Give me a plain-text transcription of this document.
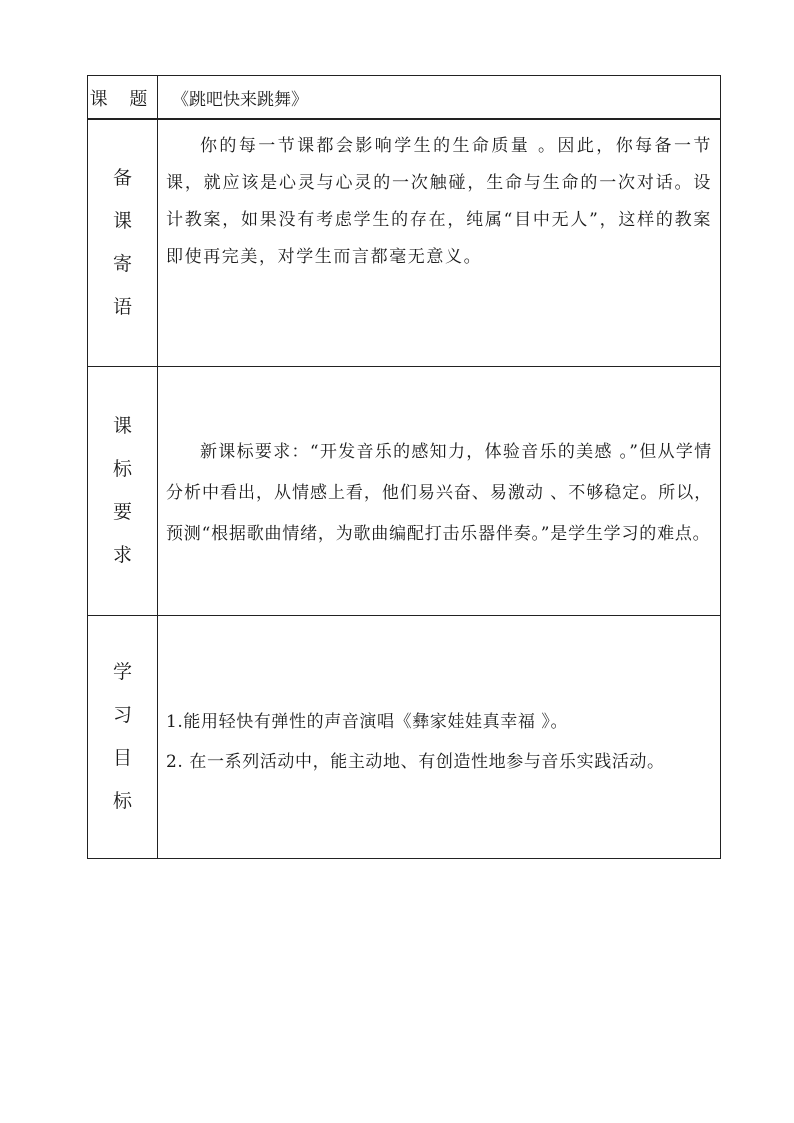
课 题	《跳吧快来跳舞》
备
课
寄
语	你的每一节课都会影响学生的生命质量 。因此，你每备一节课，就应该是心灵与心灵的一次触碰，生命与生命的一次对话。设计教案，如果没有考虑学生的存在，纯属“目中无人”，这样的教案即使再完美，对学生而言都毫无意义。

课
标
要
求	新课标要求：“开发音乐的感知力，体验音乐的美感 。”但从学情分析中看出，从情感上看，他们易兴奋、易激动 、不够稳定。所以，预测“根据歌曲情绪，为歌曲编配打击乐器伴奏。”是学生学习的难点。

学
习
目
标	1.能用轻快有弹性的声音演唱《彝家娃娃真幸福 》。
2. 在一系列活动中，能主动地、有创造性地参与音乐实践活动。
